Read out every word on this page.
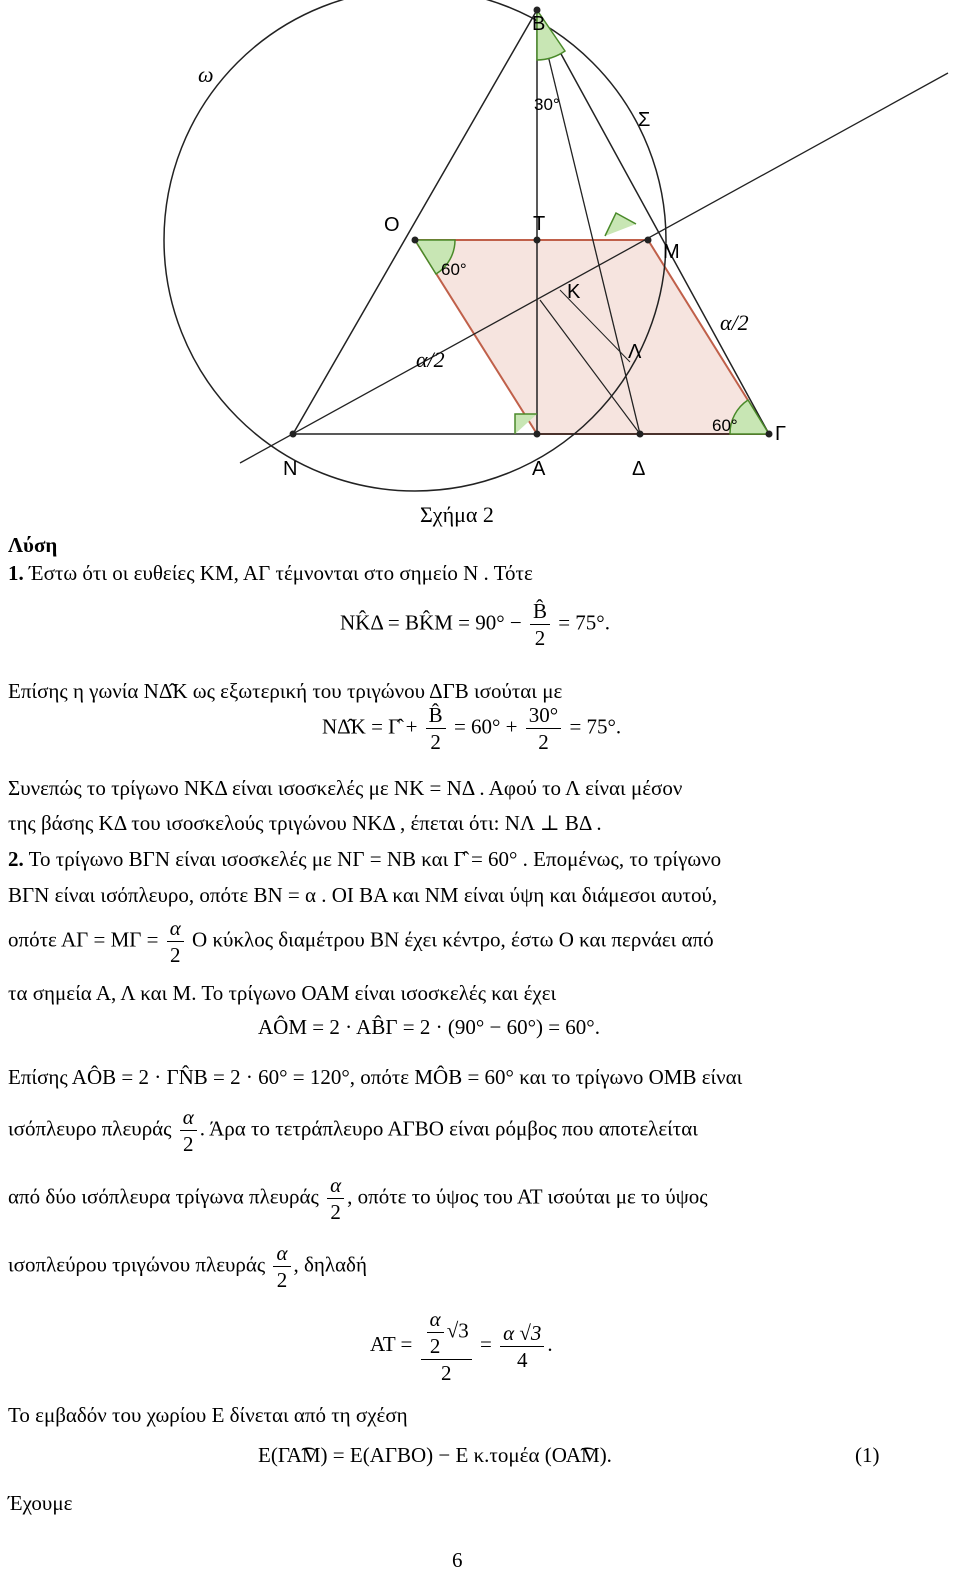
B
Σ
O	T
M
K
Λ
N	A	Δ
Γ
30°
60°
60°
α/2
α/2
ω
Σχήμα 2
Λύση
1. Έστω ότι οι ευθείες ΚΜ, ΑΓ τέμνονται στο σημείο Ν . Τότε
ΝK̂Δ = BK̂M = $90^\circ - \frac{B̂}{2} = 75^\circ$.
Επίσης η γωνία ΝΔ̂Κ ως εξωτερική του τριγώνου ΔΓΒ ισούται με
ΝΔ̂Κ = Γ̂ + $\frac{B̂}{2} = 60^\circ + \frac{30^\circ}{2} = 75^\circ$.
Συνεπώς το τρίγωνο ΝΚΔ είναι ισοσκελές με ΝΚ = ΝΔ . Αφού το Λ είναι μέσον
της βάσης ΚΔ του ισοσκελούς τριγώνου ΝΚΔ , έπεται ότι: ΝΛ ⊥ ΒΔ .
2. Το τρίγωνο ΒΓΝ είναι ισοσκελές με ΝΓ = ΝΒ και Γ̂ = 60° . Επομένως, το τρίγωνο
ΒΓΝ είναι ισόπλευρο, οπότε ΒΝ = α . ΟΙ ΒΑ και ΝΜ είναι ύψη και διάμεσοι αυτού,
οπότε $A\Gamma = M\Gamma = \frac{\alpha}{2}$ Ο κύκλος διαμέτρου ΒΝ έχει κέντρο, έστω Ο και περνάει από
τα σημεία Α, Λ και Μ. Το τρίγωνο ΟΑΜ είναι ισοσκελές και έχει
ΑÔΜ = 2 · ΑB̂Γ = 2 · (90° − 60°) = 60°.
Επίσης ΑÔΒ = 2 · ΓN̂Β = 2 · 60° = 120°, οπότε ΜÔΒ = 60° και το τρίγωνο ΟΜΒ είναι
ισόπλευρο πλευράς $\frac{\alpha}{2}$ . Άρα το τετράπλευρο ΑΓΒΟ είναι ρόμβος που αποτελείται
από δύο ισόπλευρα τρίγωνα πλευράς $\frac{\alpha}{2}$ , οπότε το ύψος του ΑΤ ισούται με το ύψος
ισοπλεύρου τριγώνου πλευράς $\frac{\alpha}{2}$ , δηλαδή
$AT = \frac{\frac{\alpha}{2} √3}{2} = \frac{\alpha √3}{4}$ .
Το εμβαδόν του χωρίου E δίνεται από τη σχέση
E(ΓΑ͡Μ) = E(ΑΓΒΟ) − E κ.τομέα (ΟΑ͡Μ).	(1)
Έχουμε
6
